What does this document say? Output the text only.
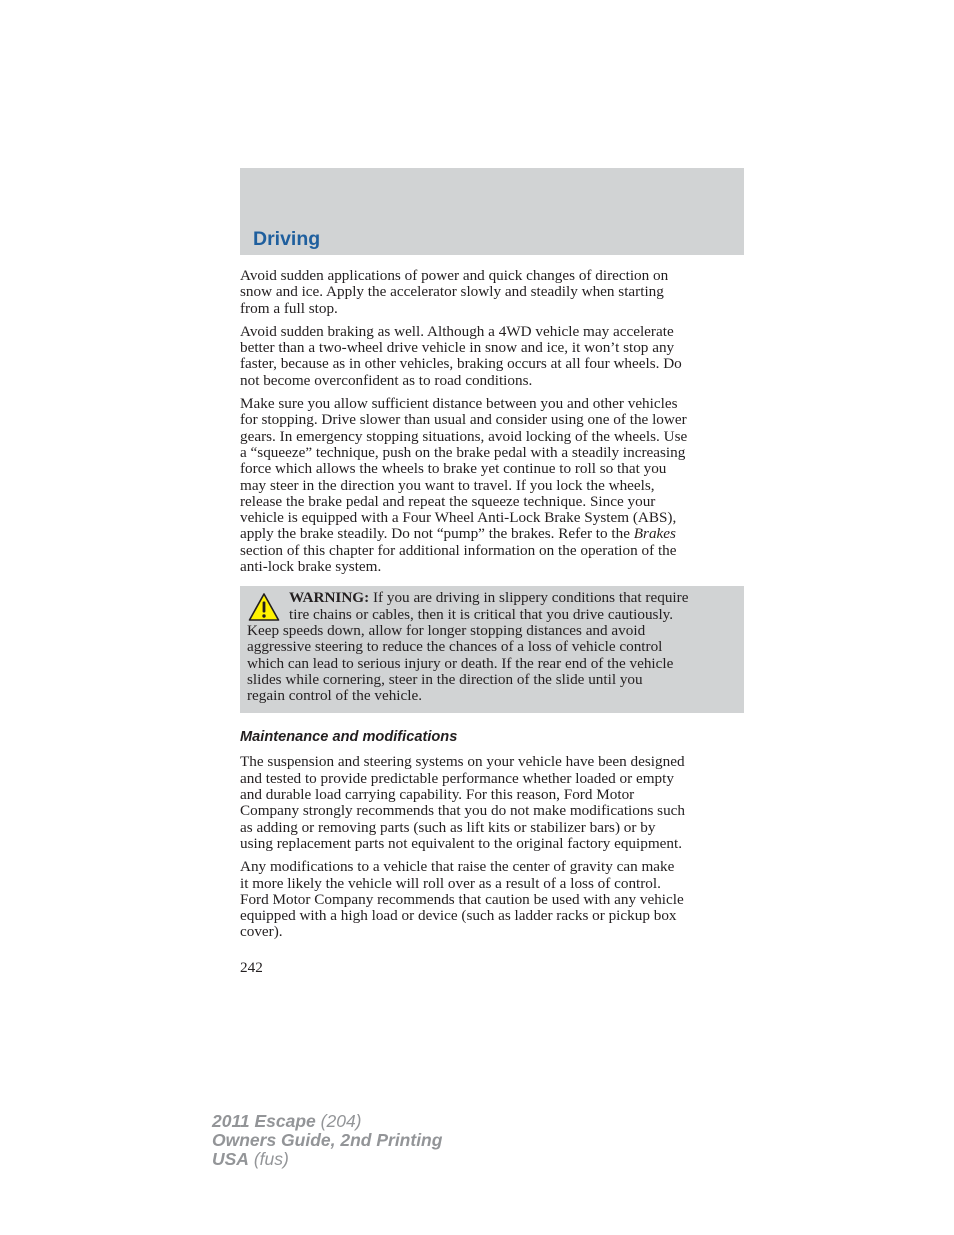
Driving
Avoid sudden applications of power and quick changes of direction on
snow and ice. Apply the accelerator slowly and steadily when starting
from a full stop.
Avoid sudden braking as well. Although a 4WD vehicle may accelerate
better than a two-wheel drive vehicle in snow and ice, it won’t stop any
faster, because as in other vehicles, braking occurs at all four wheels. Do
not become overconfident as to road conditions.
Make sure you allow sufficient distance between you and other vehicles
for stopping. Drive slower than usual and consider using one of the lower
gears. In emergency stopping situations, avoid locking of the wheels. Use
a “squeeze” technique, push on the brake pedal with a steadily increasing
force which allows the wheels to brake yet continue to roll so that you
may steer in the direction you want to travel. If you lock the wheels,
release the brake pedal and repeat the squeeze technique. Since your
vehicle is equipped with a Four Wheel Anti-Lock Brake System (ABS),
apply the brake steadily. Do not “pump” the brakes. Refer to the Brakes
section of this chapter for additional information on the operation of the
anti-lock brake system.
WARNING: If you are driving in slippery conditions that require
tire chains or cables, then it is critical that you drive cautiously.
Keep speeds down, allow for longer stopping distances and avoid
aggressive steering to reduce the chances of a loss of vehicle control
which can lead to serious injury or death. If the rear end of the vehicle
slides while cornering, steer in the direction of the slide until you
regain control of the vehicle.
Maintenance and modifications
The suspension and steering systems on your vehicle have been designed
and tested to provide predictable performance whether loaded or empty
and durable load carrying capability. For this reason, Ford Motor
Company strongly recommends that you do not make modifications such
as adding or removing parts (such as lift kits or stabilizer bars) or by
using replacement parts not equivalent to the original factory equipment.
Any modifications to a vehicle that raise the center of gravity can make
it more likely the vehicle will roll over as a result of a loss of control.
Ford Motor Company recommends that caution be used with any vehicle
equipped with a high load or device (such as ladder racks or pickup box
cover).
242
2011 Escape (204)
Owners Guide, 2nd Printing
USA (fus)
